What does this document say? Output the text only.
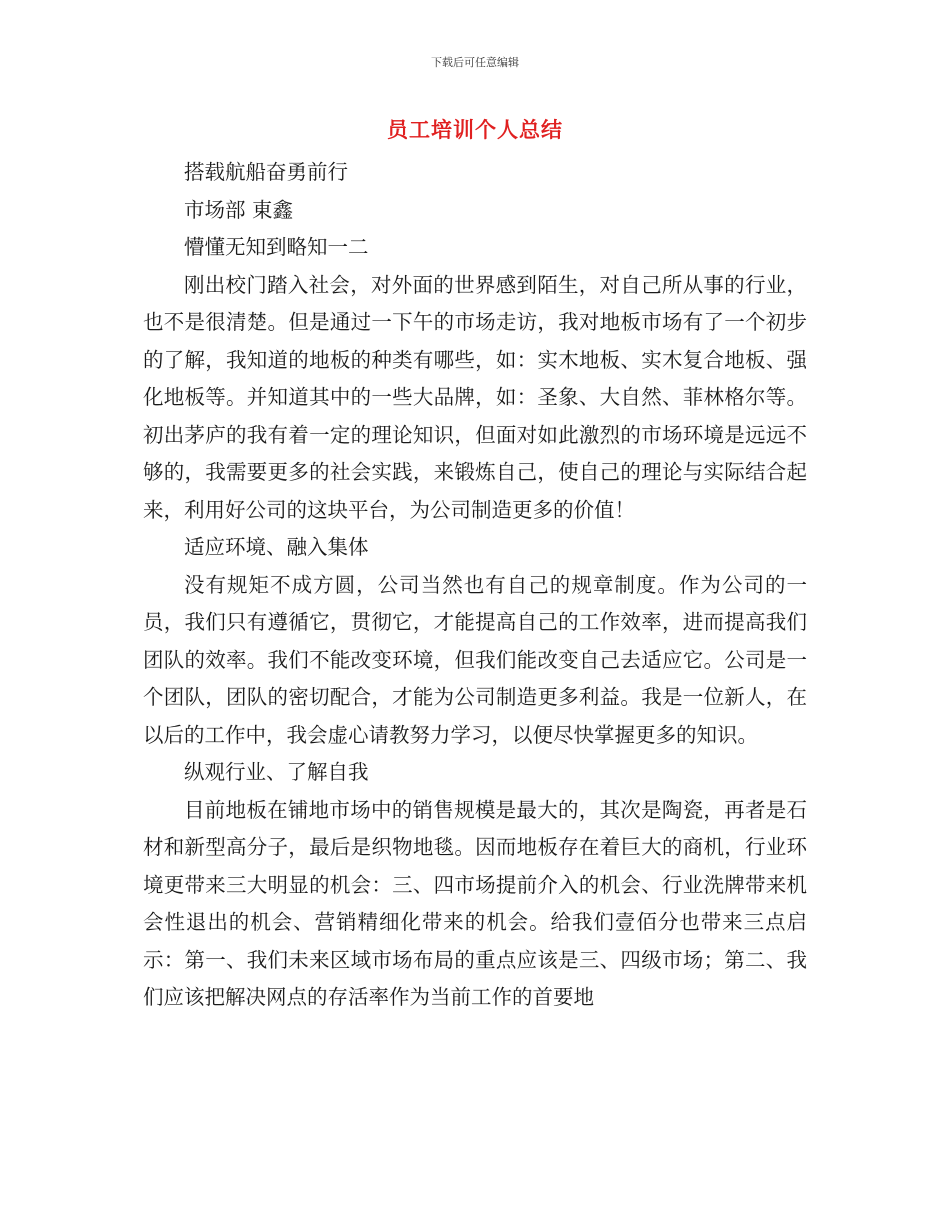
下载后可任意编辑
员工培训个人总结

搭载航船奋勇前行

市场部 東鑫

懵懂无知到略知一二

刚出校门踏入社会，对外面的世界感到陌生，对自己所从事的行业，也不是很清楚。但是通过一下午的市场走访，我对地板市场有了一个初步的了解，我知道的地板的种类有哪些，如：实木地板、实木复合地板、强化地板等。并知道其中的一些大品牌，如：圣象、大自然、菲林格尔等。初出茅庐的我有着一定的理论知识，但面对如此激烈的市场环境是远远不够的，我需要更多的社会实践，来锻炼自己，使自己的理论与实际结合起来，利用好公司的这块平台，为公司制造更多的价值！

适应环境、融入集体

没有规矩不成方圆，公司当然也有自己的规章制度。作为公司的一员，我们只有遵循它，贯彻它，才能提高自己的工作效率，进而提高我们团队的效率。我们不能改变环境，但我们能改变自己去适应它。公司是一个团队，团队的密切配合，才能为公司制造更多利益。我是一位新人，在以后的工作中，我会虚心请教努力学习，以便尽快掌握更多的知识。

纵观行业、了解自我

目前地板在铺地市场中的销售规模是最大的，其次是陶瓷，再者是石材和新型高分子，最后是织物地毯。因而地板存在着巨大的商机，行业环境更带来三大明显的机会：三、四市场提前介入的机会、行业洗牌带来机会性退出的机会、营销精细化带来的机会。给我们壹佰分也带来三点启示：第一、我们未来区域市场布局的重点应该是三、四级市场；第二、我们应该把解决网点的存活率作为当前工作的首要地
